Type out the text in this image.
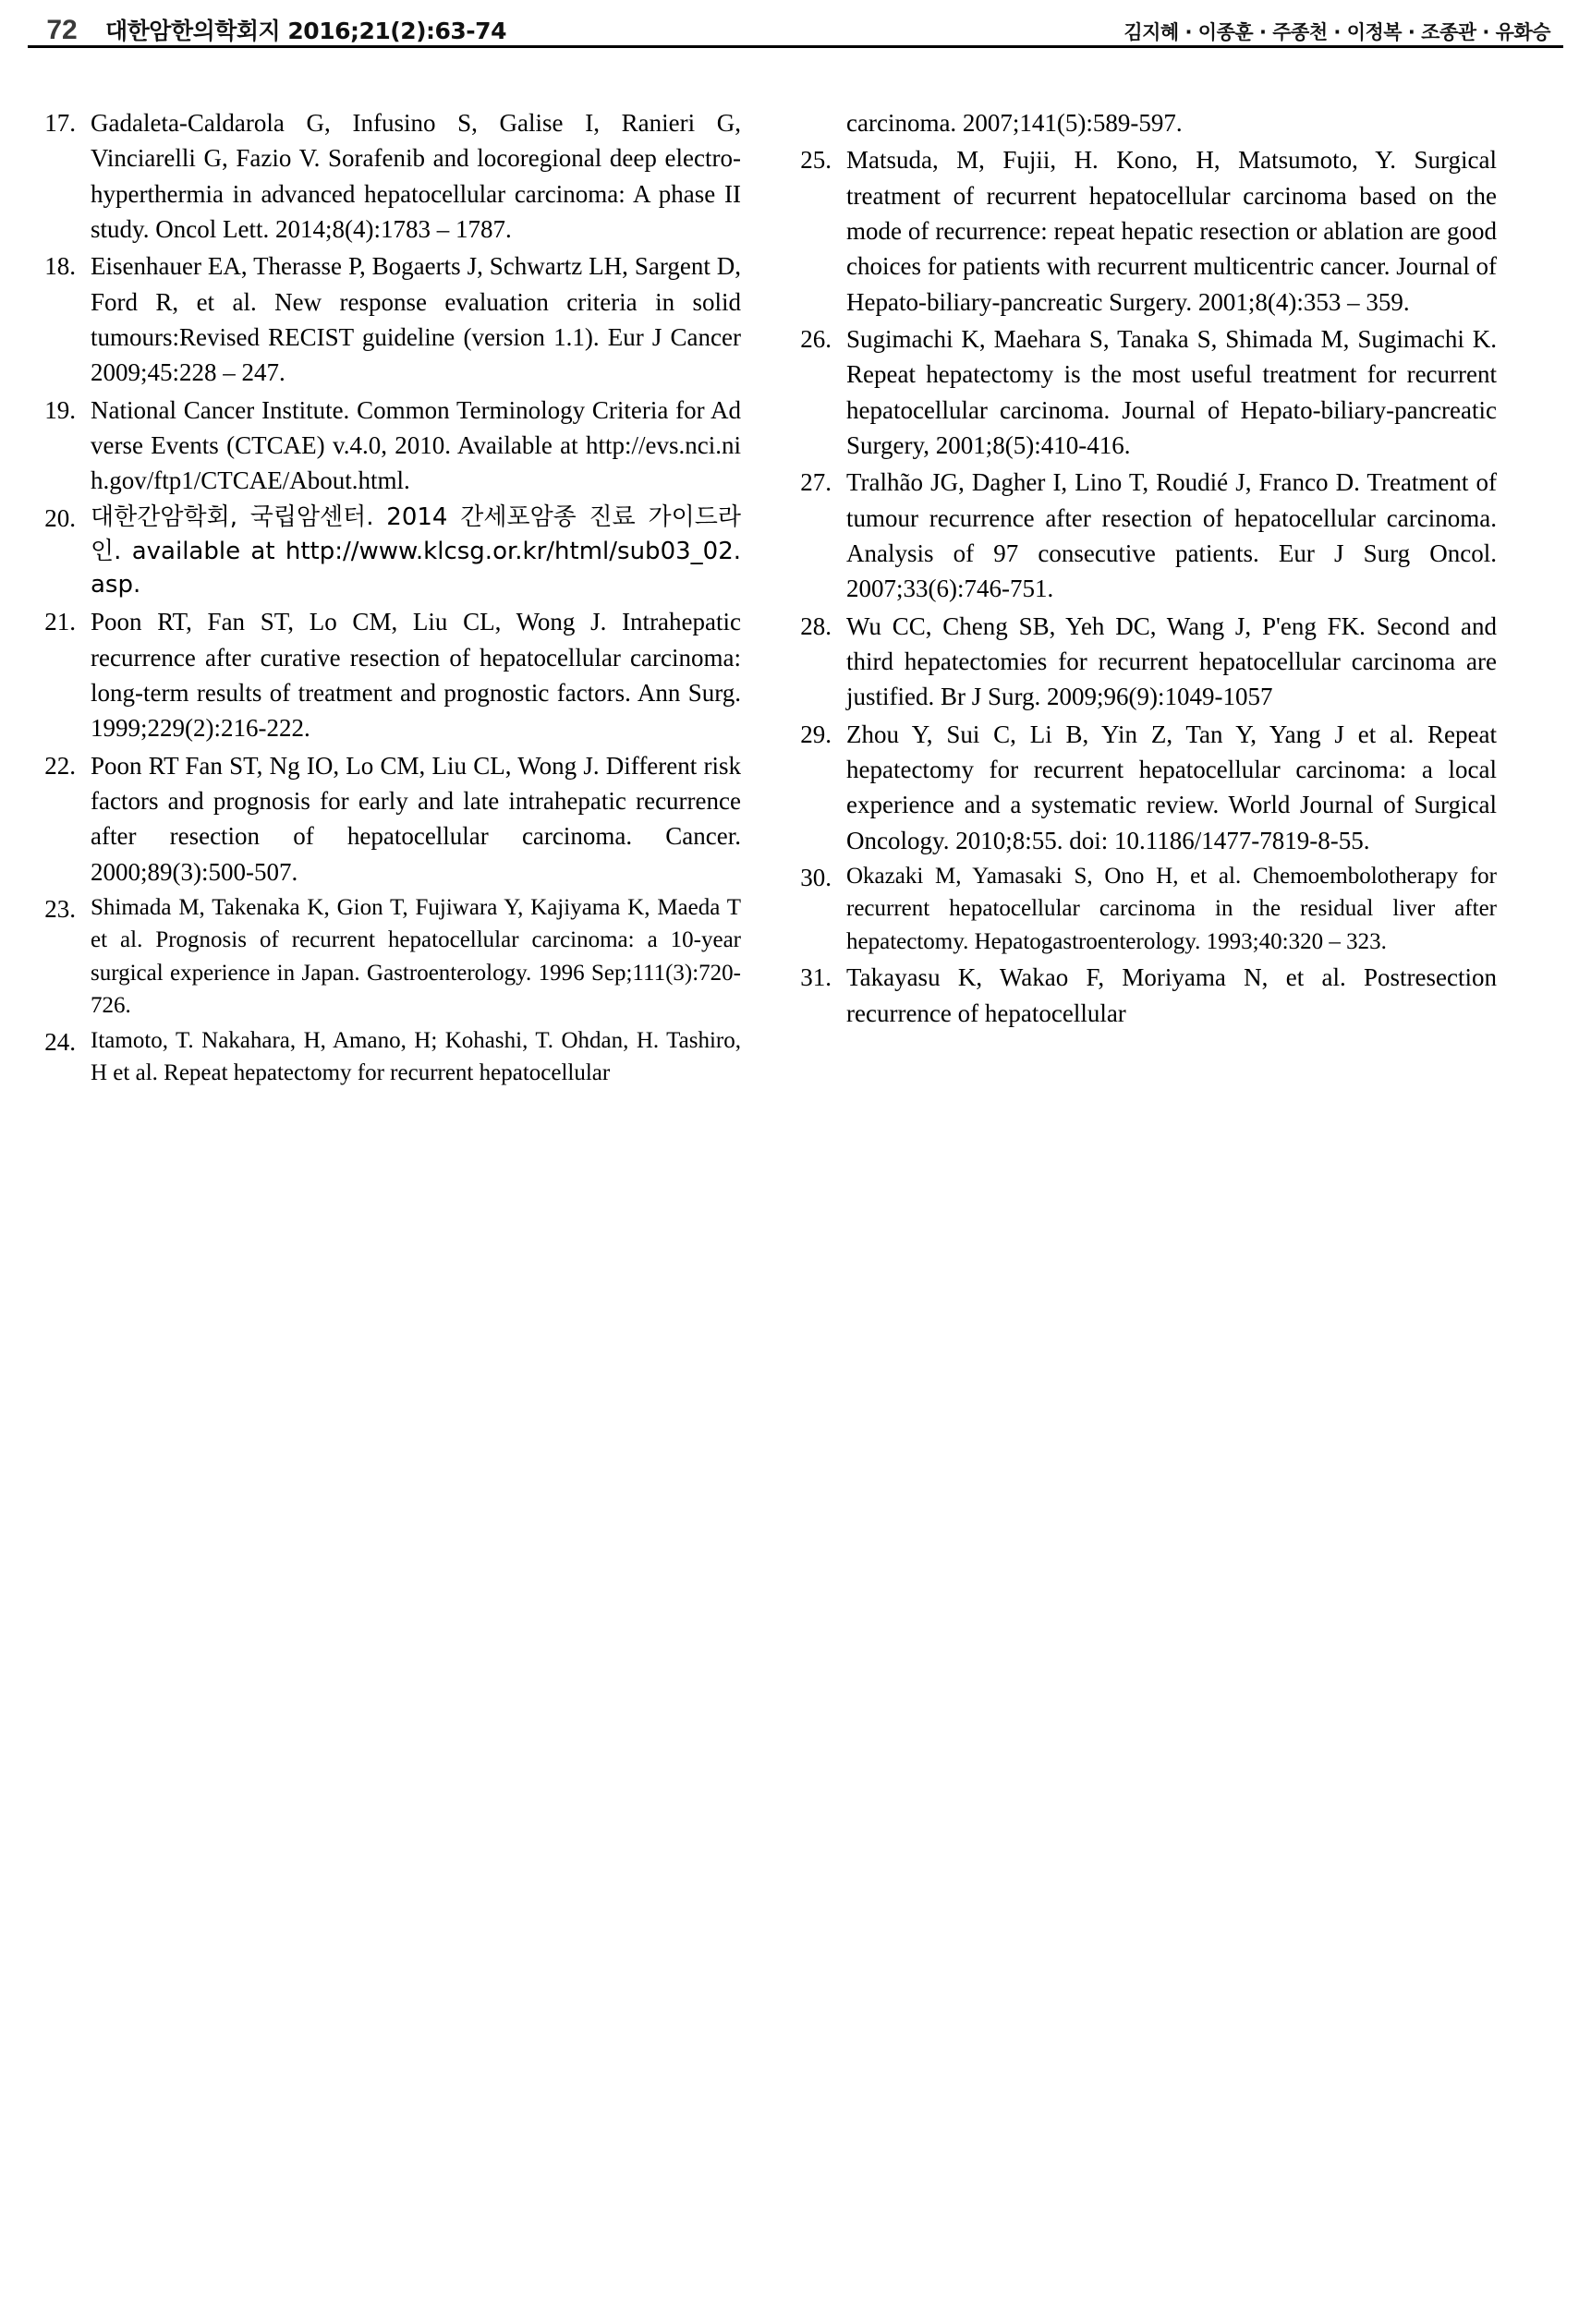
72	대한암한의학회지 2016;21(2):63-74	김지혜 · 이종훈 · 주종천 · 이정복 · 조종관 · 유화승
17. Gadaleta-Caldarola G, Infusino S, Galise I, Ranieri G, Vinciarelli G, Fazio V. Sorafenib and locoregional deep electro-hyperthermia in advanced hepatocellular carcinoma: A phase II study. Oncol Lett. 2014;8(4):1783 – 1787.
18. Eisenhauer EA, Therasse P, Bogaerts J, Schwartz LH, Sargent D, Ford R, et al. New response evaluation criteria in solid tumours:Revised RECIST guideline (version 1.1). Eur J Cancer 2009;45:228 – 247.
19. National Cancer Institute. Common Terminology Criteria for Adverse Events (CTCAE) v.4.0, 2010. Available at http://evs.nci.nih.gov/ftp1/CTCAE/About.html.
20. 대한간암학회, 국립암센터. 2014 간세포암종 진료 가이드라인. available at http://www.klcsg.or.kr/html/sub03_02.asp.
21. Poon RT, Fan ST, Lo CM, Liu CL, Wong J. Intrahepatic recurrence after curative resection of hepatocellular carcinoma: long-term results of treatment and prognostic factors. Ann Surg. 1999;229(2):216-222.
22. Poon RT Fan ST, Ng IO, Lo CM, Liu CL, Wong J. Different risk factors and prognosis for early and late intrahepatic recurrence after resection of hepatocellular carcinoma. Cancer. 2000;89(3):500-507.
23. Shimada M, Takenaka K, Gion T, Fujiwara Y, Kajiyama K, Maeda T et al. Prognosis of recurrent hepatocellular carcinoma: a 10-year surgical experience in Japan. Gastroenterology. 1996 Sep;111(3):720-726.
24. Itamoto, T. Nakahara, H, Amano, H; Kohashi, T. Ohdan, H. Tashiro, H et al. Repeat hepatectomy for recurrent hepatocellular
carcinoma. 2007;141(5):589-597.
25. Matsuda, M, Fujii, H. Kono, H, Matsumoto, Y. Surgical treatment of recurrent hepatocellular carcinoma based on the mode of recurrence: repeat hepatic resection or ablation are good choices for patients with recurrent multicentric cancer. Journal of Hepato-biliary-pancreatic Surgery. 2001;8(4):353 – 359.
26. Sugimachi K, Maehara S, Tanaka S, Shimada M, Sugimachi K. Repeat hepatectomy is the most useful treatment for recurrent hepatocellular carcinoma. Journal of Hepato-biliary-pancreatic Surgery, 2001;8(5):410-416.
27. Tralhão JG, Dagher I, Lino T, Roudié J, Franco D. Treatment of tumour recurrence after resection of hepatocellular carcinoma. Analysis of 97 consecutive patients. Eur J Surg Oncol. 2007;33(6):746-751.
28. Wu CC, Cheng SB, Yeh DC, Wang J, P'eng FK. Second and third hepatectomies for recurrent hepatocellular carcinoma are justified. Br J Surg. 2009;96(9):1049-1057
29. Zhou Y, Sui C, Li B, Yin Z, Tan Y, Yang J et al. Repeat hepatectomy for recurrent hepatocellular carcinoma: a local experience and a systematic review. World Journal of Surgical Oncology. 2010;8:55. doi: 10.1186/1477-7819-8-55.
30. Okazaki M, Yamasaki S, Ono H, et al. Chemoembolotherapy for recurrent hepatocellular carcinoma in the residual liver after hepatectomy. Hepatogastroenterology. 1993;40:320 – 323.
31. Takayasu K, Wakao F, Moriyama N, et al. Postresection recurrence of hepatocellular
